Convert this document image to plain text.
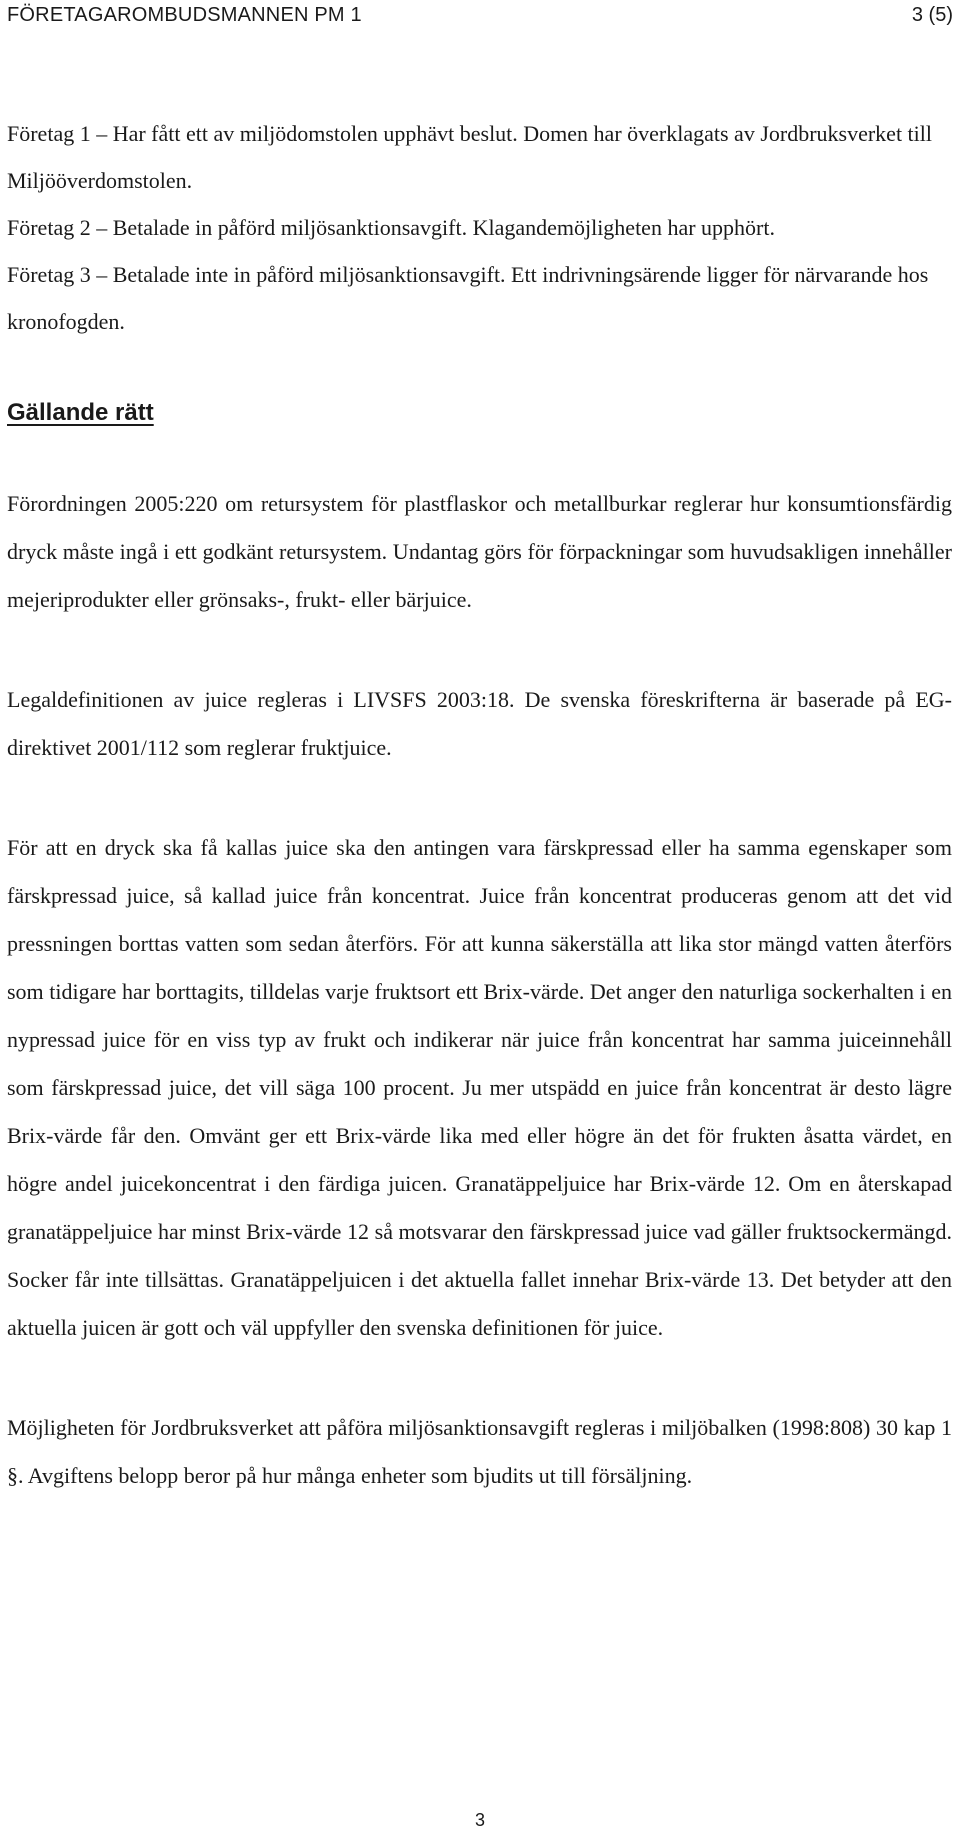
FÖRETAGAROMBUDSMANNEN PM 1	3 (5)

Företag 1 – Har fått ett av miljödomstolen upphävt beslut. Domen har överklagats av Jordbruksverket till Miljööverdomstolen.

Företag 2 – Betalade in påförd miljösanktionsavgift. Klagandemöjligheten har upphört.

Företag 3 – Betalade inte in påförd miljösanktionsavgift. Ett indrivningsärende ligger för närvarande hos kronofogden.

Gällande rätt

Förordningen 2005:220 om retursystem för plastflaskor och metallburkar reglerar hur konsumtionsfärdig dryck måste ingå i ett godkänt retursystem. Undantag görs för förpackningar som huvudsakligen innehåller mejeriprodukter eller grönsaks-, frukt- eller bärjuice.

Legaldefinitionen av juice regleras i LIVSFS 2003:18. De svenska föreskrifterna är baserade på EG-direktivet 2001/112 som reglerar fruktjuice.

För att en dryck ska få kallas juice ska den antingen vara färskpressad eller ha samma egenskaper som färskpressad juice, så kallad juice från koncentrat. Juice från koncentrat produceras genom att det vid pressningen borttas vatten som sedan återförs. För att kunna säkerställa att lika stor mängd vatten återförs som tidigare har borttagits, tilldelas varje fruktsort ett Brix-värde. Det anger den naturliga sockerhalten i en nypressad juice för en viss typ av frukt och indikerar när juice från koncentrat har samma juiceinnehåll som färskpressad juice, det vill säga 100 procent. Ju mer utspädd en juice från koncentrat är desto lägre Brix-värde får den. Omvänt ger ett Brix-värde lika med eller högre än det för frukten åsatta värdet, en högre andel juicekoncentrat i den färdiga juicen. Granatäppeljuice har Brix-värde 12. Om en återskapad granatäppeljuice har minst Brix-värde 12 så motsvarar den färskpressad juice vad gäller fruktsockermängd. Socker får inte tillsättas. Granatäppeljuicen i det aktuella fallet innehar Brix-värde 13. Det betyder att den aktuella juicen är gott och väl uppfyller den svenska definitionen för juice.

Möjligheten för Jordbruksverket att påföra miljösanktionsavgift regleras i miljöbalken (1998:808) 30 kap 1 §. Avgiftens belopp beror på hur många enheter som bjudits ut till försäljning.

3
